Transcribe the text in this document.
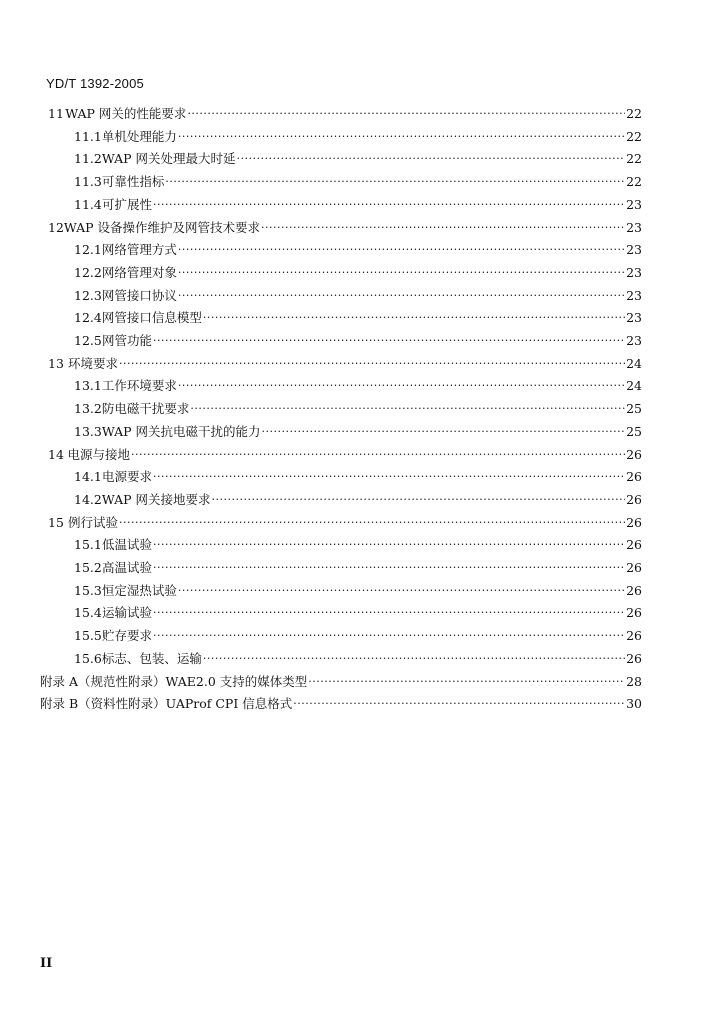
YD/T 1392-2005
11 WAP 网关的性能要求 ·····	22
11.1 单机处理能力 ·····	22
11.2 WAP 网关处理最大时延 ·····	22
11.3 可靠性指标 ·····	22
11.4 可扩展性 ·····	23
12 WAP 设备操作维护及网管技术要求 ·····	23
12.1 网络管理方式 ·····	23
12.2 网络管理对象 ·····	23
12.3 网管接口协议 ·····	23
12.4 网管接口信息模型 ·····	23
12.5 网管功能 ·····	23
13 环境要求 ·····	24
13.1 工作环境要求 ·····	24
13.2 防电磁干扰要求 ·····	25
13.3 WAP 网关抗电磁干扰的能力 ·····	25
14 电源与接地 ·····	26
14.1 电源要求 ·····	26
14.2 WAP 网关接地要求 ·····	26
15 例行试验 ·····	26
15.1 低温试验 ·····	26
15.2 高温试验 ·····	26
15.3 恒定湿热试验 ·····	26
15.4 运输试验 ·····	26
15.5 贮存要求 ·····	26
15.6 标志、包装、运输 ·····	26
附录 A（规范性附录） WAE2.0 支持的媒体类型 ·····	28
附录 B（资料性附录） UAProf CPI 信息格式 ·····	30
II
